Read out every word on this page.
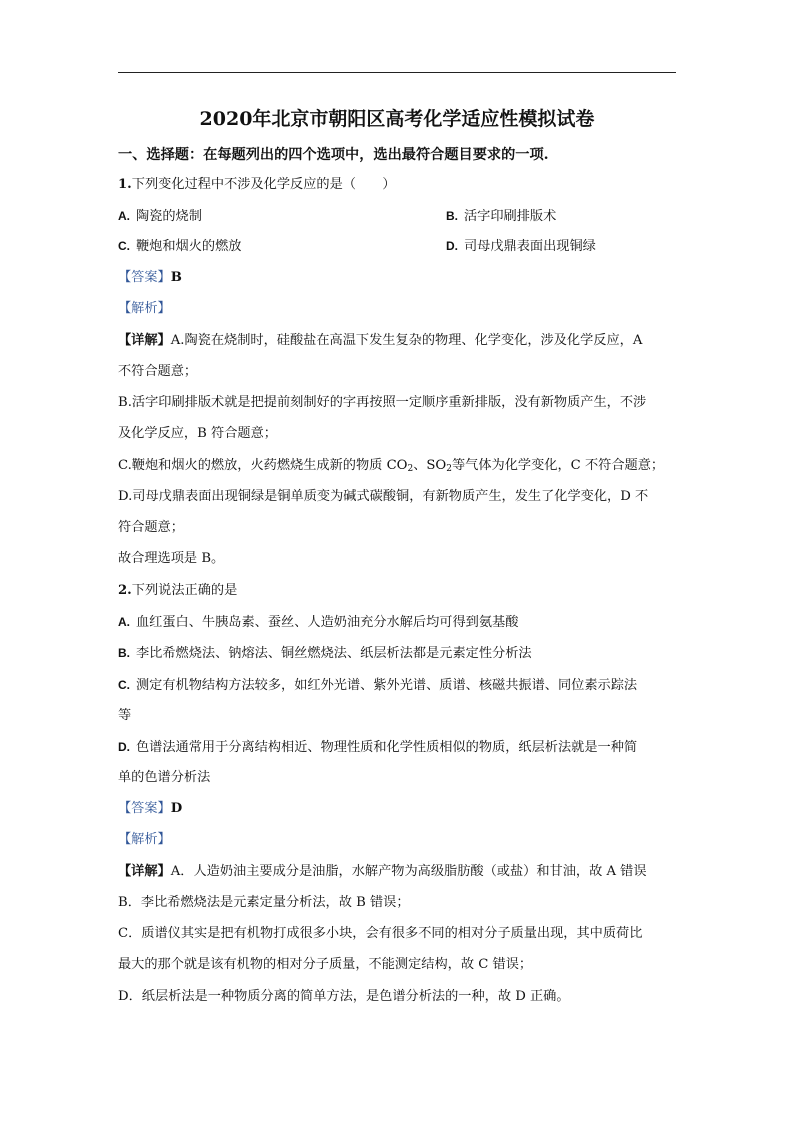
2020年北京市朝阳区高考化学适应性模拟试卷
一、选择题：在每题列出的四个选项中，选出最符合题目要求的一项.
1.下列变化过程中不涉及化学反应的是（　　）
A. 陶瓷的烧制	B. 活字印刷排版术
C. 鞭炮和烟火的燃放	D. 司母戊鼎表面出现铜绿
【答案】B
【解析】
【详解】A.陶瓷在烧制时，硅酸盐在高温下发生复杂的物理、化学变化，涉及化学反应，A
不符合题意；
B.活字印刷排版术就是把提前刻制好的字再按照一定顺序重新排版，没有新物质产生，不涉
及化学反应，B 符合题意；
C.鞭炮和烟火的燃放，火药燃烧生成新的物质 $CO_2$、$SO_2$等气体为化学变化，C 不符合题意；
D.司母戊鼎表面出现铜绿是铜单质变为碱式碳酸铜，有新物质产生，发生了化学变化，D 不
符合题意；
故合理选项是 B。
2.下列说法正确的是
A. 血红蛋白、牛胰岛素、蚕丝、人造奶油充分水解后均可得到氨基酸
B. 李比希燃烧法、钠熔法、铜丝燃烧法、纸层析法都是元素定性分析法
C. 测定有机物结构方法较多，如红外光谱、紫外光谱、质谱、核磁共振谱、同位素示踪法
等
D. 色谱法通常用于分离结构相近、物理性质和化学性质相似的物质，纸层析法就是一种简
单的色谱分析法
【答案】D
【解析】
【详解】A．人造奶油主要成分是油脂，水解产物为高级脂肪酸（或盐）和甘油，故 A 错误
B．李比希燃烧法是元素定量分析法，故 B 错误；
C．质谱仪其实是把有机物打成很多小块，会有很多不同的相对分子质量出现，其中质荷比
最大的那个就是该有机物的相对分子质量，不能测定结构，故 C 错误；
D．纸层析法是一种物质分离的简单方法，是色谱分析法的一种，故 D 正确。
